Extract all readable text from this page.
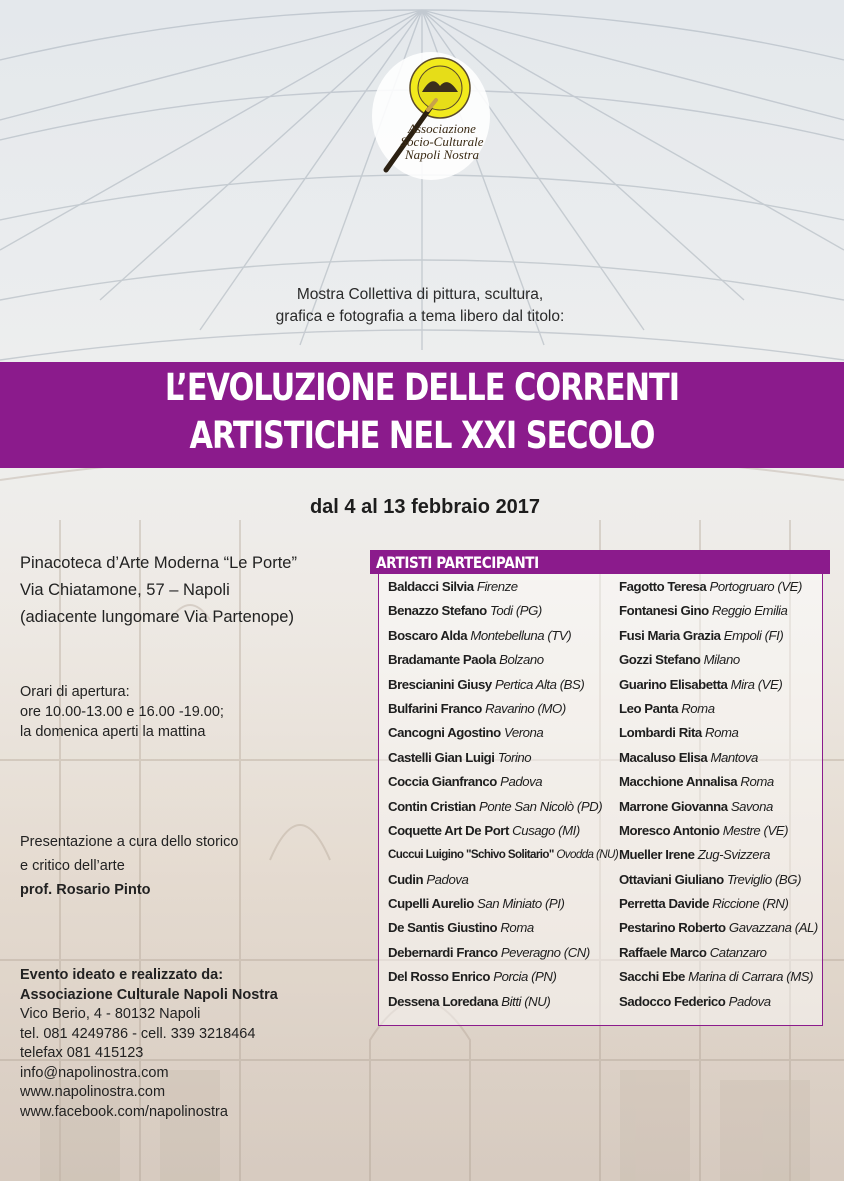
Associazione
Socio-Culturale
Napoli Nostra
Mostra Collettiva di pittura, scultura,
grafica e fotografia a tema libero dal titolo:
L’EVOLUZIONE DELLE CORRENTI
ARTISTICHE NEL XXI SECOLO
dal 4 al 13 febbraio 2017
Pinacoteca d’Arte Moderna “Le Porte”
Via Chiatamone, 57 – Napoli
(adiacente lungomare Via Partenope)
Orari di apertura:
ore 10.00-13.00 e 16.00 -19.00;
la domenica aperti la mattina
Presentazione a cura dello storico
e critico dell’arte
prof. Rosario Pinto
Evento ideato e realizzato da:
Associazione Culturale Napoli Nostra
Vico Berio, 4 - 80132 Napoli
tel. 081 4249786 - cell. 339 3218464
telefax 081 415123
info@napolinostra.com
www.napolinostra.com
www.facebook.com/napolinostra
ARTISTI PARTECIPANTI
Baldacci Silvia Firenze
Benazzo Stefano Todi (PG)
Boscaro Alda Montebelluna (TV)
Bradamante Paola Bolzano
Brescianini Giusy Pertica Alta (BS)
Bulfarini Franco Ravarino (MO)
Cancogni Agostino Verona
Castelli Gian Luigi Torino
Coccia Gianfranco Padova
Contin Cristian Ponte San Nicolò (PD)
Coquette Art De Port Cusago (MI)
Cuccui Luigino "Schivo Solitario" Ovodda (NU)
Cudin Padova
Cupelli Aurelio San Miniato (PI)
De Santis Giustino Roma
Debernardi Franco Peveragno (CN)
Del Rosso Enrico Porcia (PN)
Dessena Loredana Bitti (NU)
Fagotto Teresa Portogruaro (VE)
Fontanesi Gino Reggio Emilia
Fusi Maria Grazia Empoli (FI)
Gozzi Stefano Milano
Guarino Elisabetta Mira (VE)
Leo Panta Roma
Lombardi Rita Roma
Macaluso Elisa Mantova
Macchione Annalisa Roma
Marrone Giovanna Savona
Moresco Antonio Mestre (VE)
Mueller Irene Zug-Svizzera
Ottaviani Giuliano Treviglio (BG)
Perretta Davide Riccione (RN)
Pestarino Roberto Gavazzana (AL)
Raffaele Marco Catanzaro
Sacchi Ebe Marina di Carrara (MS)
Sadocco Federico Padova
